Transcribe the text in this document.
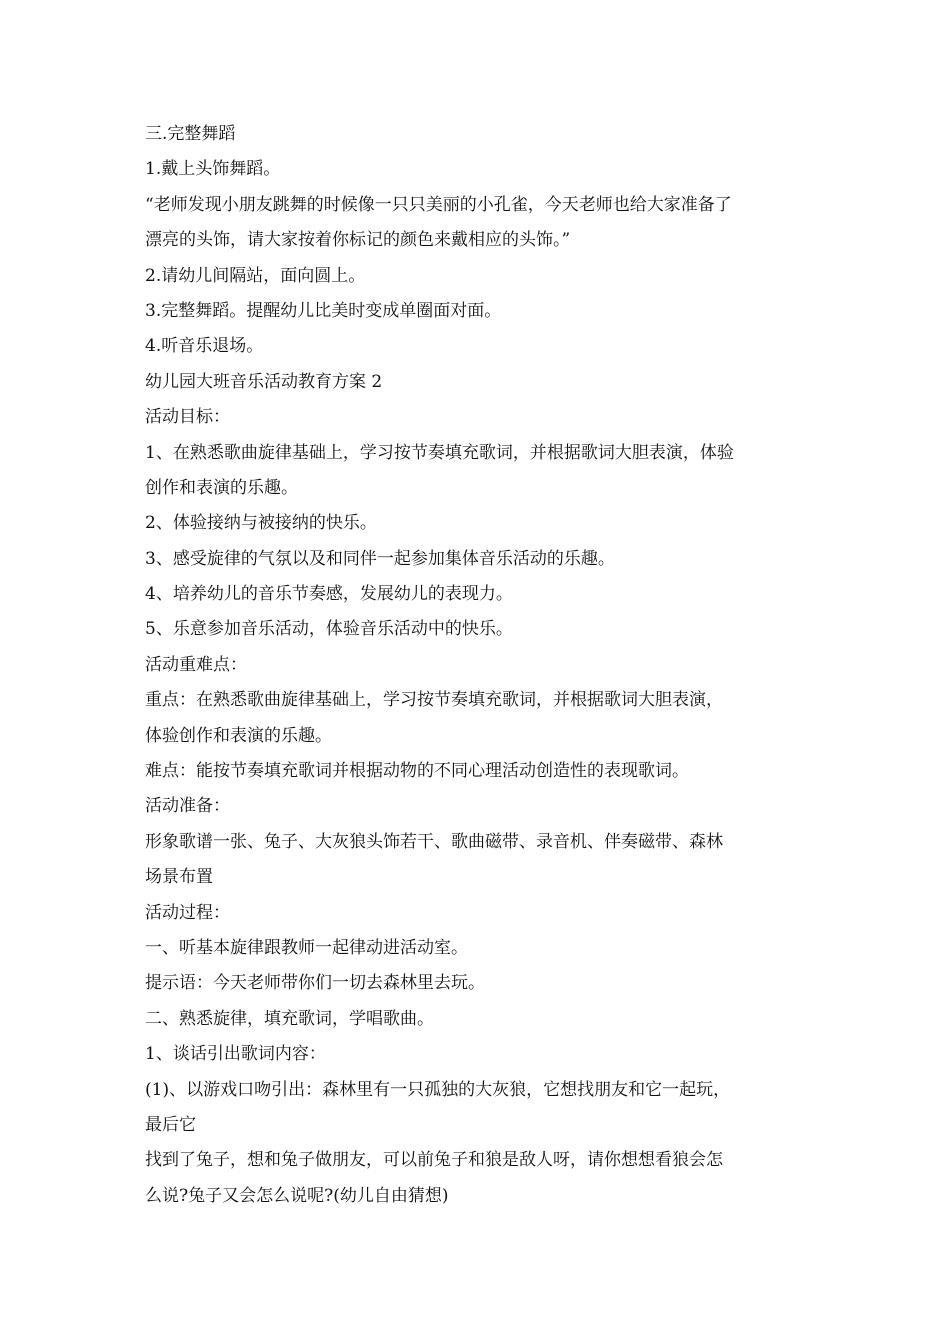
三.完整舞蹈
1.戴上头饰舞蹈。
“老师发现小朋友跳舞的时候像一只只美丽的小孔雀，今天老师也给大家准备了
漂亮的头饰，请大家按着你标记的颜色来戴相应的头饰。”
2.请幼儿间隔站，面向圆上。
3.完整舞蹈。提醒幼儿比美时变成单圈面对面。
4.听音乐退场。
幼儿园大班音乐活动教育方案 2
活动目标：
1、在熟悉歌曲旋律基础上，学习按节奏填充歌词，并根据歌词大胆表演，体验
创作和表演的乐趣。
2、体验接纳与被接纳的快乐。
3、感受旋律的气氛以及和同伴一起参加集体音乐活动的乐趣。
4、培养幼儿的音乐节奏感，发展幼儿的表现力。
5、乐意参加音乐活动，体验音乐活动中的快乐。
活动重难点：
重点：在熟悉歌曲旋律基础上，学习按节奏填充歌词，并根据歌词大胆表演，
体验创作和表演的乐趣。
难点：能按节奏填充歌词并根据动物的不同心理活动创造性的表现歌词。
活动准备：
形象歌谱一张、兔子、大灰狼头饰若干、歌曲磁带、录音机、伴奏磁带、森林
场景布置
活动过程：
一、听基本旋律跟教师一起律动进活动室。
提示语：今天老师带你们一切去森林里去玩。
二、熟悉旋律，填充歌词，学唱歌曲。
1、谈话引出歌词内容：
(1)、以游戏口吻引出：森林里有一只孤独的大灰狼，它想找朋友和它一起玩，
最后它
找到了兔子，想和兔子做朋友，可以前兔子和狼是敌人呀，请你想想看狼会怎
么说?兔子又会怎么说呢?(幼儿自由猜想)
